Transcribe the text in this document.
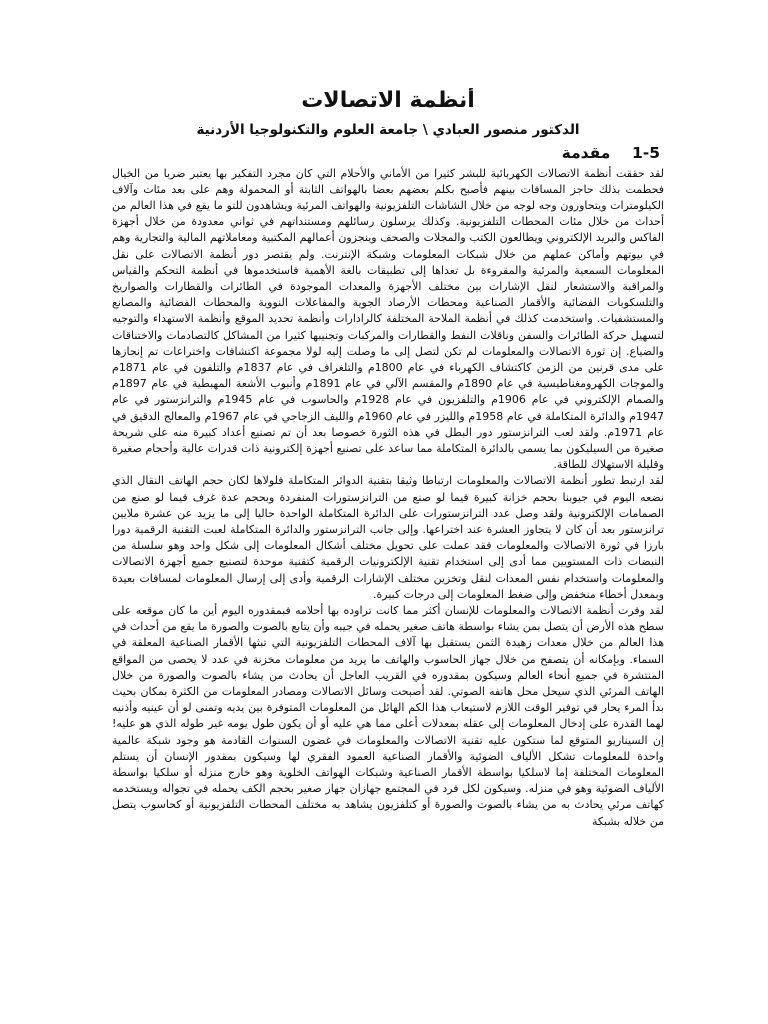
أنظمة الاتصالات
الدكتور منصور العبادي \ جامعة العلوم والتكنولوجيا الأردنية
1-5    مقدمة

لقد حققت أنظمة الاتصالات الكهربائية للبشر كثيرا من الأماني والأحلام التي كان مجرد التفكير بها يعتبر ضربا من الخيال فحطمت بذلك حاجز المسافات بينهم فأصبح بكلم بعضهم بعضا بالهواتف الثابتة أو المحمولة وهم على بعد مئات وآلاف الكيلومترات ويتحاورون وجه لوجه من خلال الشاشات التلفزيونية والهواتف المرئية ويشاهدون للتو ما يقع في هذا العالم من أحداث من خلال مئات المحطات التلفزيونية. وكذلك يرسلون رسائلهم ومستنداتهم في ثواني معدودة من خلال أجهزة الفاكس والبريد الإلكتروني ويطالعون الكتب والمجلات والصحف وينجزون أعمالهم المكتبية ومعاملاتهم المالية والتجارية وهم في بيوتهم وأماكن عملهم من خلال شبكات المعلومات وشبكة الإنترنت. ولم يقتصر دور أنظمة الاتصالات على نقل المعلومات السمعية والمرئية والمقروءة بل تعداها إلى تطبيقات بالغة الأهمية فاستخدموها في أنظمة التحكم والقياس والمراقبة والاستشعار لنقل الإشارات بين مختلف الأجهزة والمعدات الموجودة في الطائرات والقطارات والصواريخ والتلسكوبات الفضائية والأقمار الصناعية ومحطات الأرصاد الجوية والمفاعلات النووية والمحطات الفضائية والمصانع والمستشفيات. واستخدمت كذلك في أنظمة الملاحة المختلفة كالرادارات وأنظمة تحديد الموقع وأنظمة الاستهداء والتوجيه لتسهيل حركة الطائرات والسفن وناقلات النفط والقطارات والمركبات وتجنيبها كثيرا من المشاكل كالتصادمات والاختناقات والضياع. إن ثورة الاتصالات والمعلومات لم تكن لتصل إلى ما وصلت إليه لولا مجموعة اكتشافات واختراعات تم إنجازها على مدى قرنين من الزمن كاكتشاف الكهرباء في عام 1800م والتلغراف في عام 1837م والتلفون في عام 1871م والموجات الكهرومغناطيسية في عام 1890م والمقسم الآلي في عام 1891م وأنبوب الأشعة المهبطية في عام 1897م والصمام الإلكتروني في عام 1906م والتلفزيون في عام 1928م والحاسوب في عام 1945م والترانزستور في عام 1947م والدائرة المتكاملة في عام 1958م والليزر في عام 1960م والليف الزجاجي في عام 1967م والمعالج الدقيق في عام 1971م. ولقد لعب الترانزستور دور البطل في هذه الثورة خصوصا بعد أن تم تصنيع أعداد كبيرة منه على شريحة صغيرة من السيليكون بما يسمى بالدائرة المتكاملة مما ساعد على تصنيع أجهزة إلكترونية ذات قدرات عالية وأحجام صغيرة وقليلة الاستهلاك للطاقة.

لقد ارتبط تطور أنظمة الاتصالات والمعلومات ارتباطا وثيقا بتقنية الدوائر المتكاملة فلولاها لكان حجم الهاتف النقال الذي نضعه اليوم في جيوبنا بحجم خزانة كبيرة فيما لو صنع من الترانزستورات المنفردة وبحجم عدة غرف فيما لو صنع من الصمامات الإلكترونية ولقد وصل عدد الترانزستورات على الدائرة المتكاملة الواحدة حاليا إلى ما يزيد عن عشرة ملايين ترانزستور بعد أن كان لا يتجاوز العشرة عند اختراعها. وإلى جانب الترانزستور والدائرة المتكاملة لعبت التقنية الرقمية دورا بارزا في ثورة الاتصالات والمعلومات فقد عملت على تحويل مختلف أشكال المعلومات إلى شكل واحد وهو سلسلة من النبضات ذات المستويين مما أدى إلى استخدام تقنية الإلكترونيات الرقمية كتقنية موحدة لتصنيع جميع أجهزة الاتصالات والمعلومات واستخدام نفس المعدات لنقل وتخزين مختلف الإشارات الرقمية وأدى إلى إرسال المعلومات لمسافات بعيدة وبمعدل أخطاء منخفض وإلى ضغط المعلومات إلى درجات كبيرة.

لقد وفرت أنظمة الاتصالات والمعلومات للإنسان أكثر مما كانت تراوده بها أحلامه فبمقدوره اليوم أين ما كان موقعه على سطح هذه الأرض أن يتصل بمن يشاء بواسطة هاتف صغير يحمله في جيبه وأن يتابع بالصوت والصورة ما يقع من أحداث في هذا العالم من خلال معدات زهيدة الثمن يستقبل بها آلاف المحطات التلفزيونية التي تبثها الأقمار الصناعية المعلقة في السماء. وبإمكانه أن يتصفح من خلال جهاز الحاسوب والهاتف ما يريد من معلومات مخزنة في عدد لا يحصى من المواقع المنتشرة في جميع أنحاء العالم وسيكون بمقدوره في القريب العاجل أن يحادث من يشاء بالصوت والصورة من خلال الهاتف المرئي الذي سيحل محل هاتفه الصوتي. لقد أصبحت وسائل الاتصالات ومصادر المعلومات من الكثرة بمكان بحيث بدأ المرء يحار في توفير الوقت اللازم لاستيعاب هذا الكم الهائل من المعلومات المتوفرة بين يديه وتمنى لو أن عينيه وأذنيه لهما القدرة على إدخال المعلومات إلى عقله بمعدلات أعلى مما هي عليه أو أن يكون طول يومه غير طوله الذي هو عليه! إن السيناريو المتوقع لما ستكون عليه تقنية الاتصالات والمعلومات في غضون السنوات القادمة هو وجود شبكة عالمية واحدة للمعلومات تشكل الألياف الضوئية والأقمار الصناعية العمود الفقري لها وسيكون بمقدور الإنسان أن يستلم المعلومات المختلفة إما لاسلكيا بواسطة الأقمار الصناعية وشبكات الهواتف الخلوية وهو خارج منزله أو سلكيا بواسطة الألياف الضوئية وهو في منزله. وسيكون لكل فرد في المجتمع جهازان جهاز صغير بحجم الكف يحمله في تجواله ويستخدمه كهاتف مرئي يحادث به من يشاء بالصوت والصورة أو كتلفزيون يشاهد به مختلف المحطات التلفزيونية أو كحاسوب يتصل من خلاله بشبكة
